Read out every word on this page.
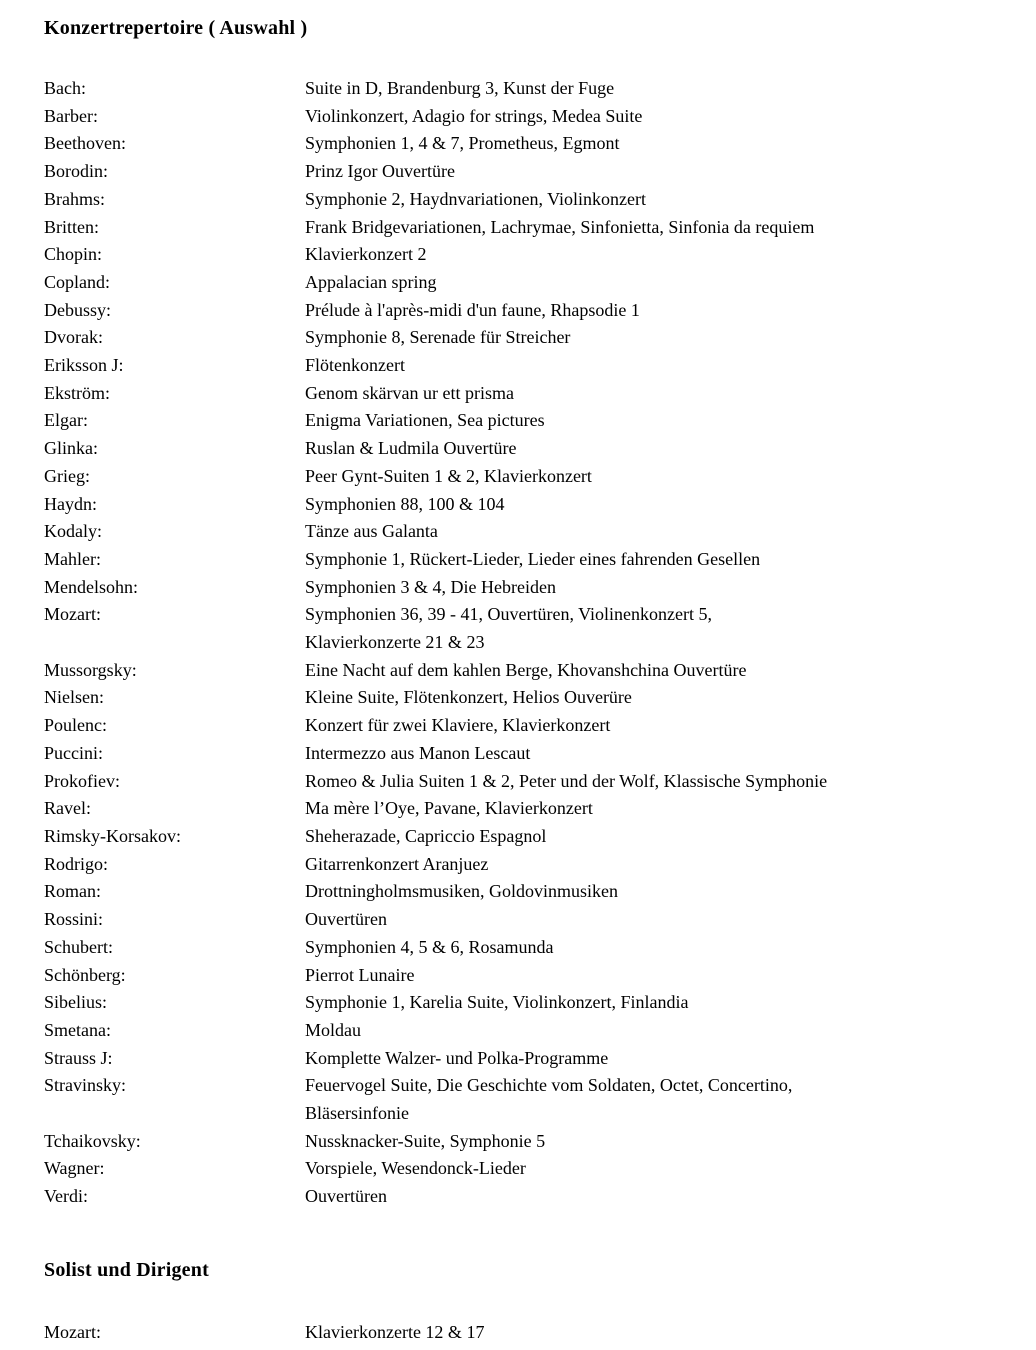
Konzertrepertoire ( Auswahl )
Bach:	Suite in D, Brandenburg 3, Kunst der Fuge
Barber:	Violinkonzert, Adagio for strings, Medea Suite
Beethoven:	Symphonien 1, 4 & 7, Prometheus, Egmont
Borodin:	Prinz Igor Ouvertüre
Brahms:	Symphonie 2, Haydnvariationen, Violinkonzert
Britten:	Frank Bridgevariationen, Lachrymae, Sinfonietta, Sinfonia da requiem
Chopin:	Klavierkonzert 2
Copland:	Appalacian spring
Debussy:	Prélude à l'après-midi d'un faune, Rhapsodie 1
Dvorak:	Symphonie 8, Serenade für Streicher
Eriksson J:	Flötenkonzert
Ekström:	Genom skärvan ur ett prisma
Elgar:	Enigma Variationen, Sea pictures
Glinka:	Ruslan & Ludmila Ouvertüre
Grieg:	Peer Gynt-Suiten 1 & 2, Klavierkonzert
Haydn:	Symphonien 88, 100 & 104
Kodaly:	Tänze aus Galanta
Mahler:	Symphonie 1, Rückert-Lieder, Lieder eines fahrenden Gesellen
Mendelsohn:	Symphonien 3 & 4, Die Hebreiden
Mozart:	Symphonien 36, 39 - 41, Ouvertüren, Violinenkonzert 5,
Klavierkonzerte 21 & 23
Mussorgsky:	Eine Nacht auf dem kahlen Berge, Khovanshchina Ouvertüre
Nielsen:	Kleine Suite, Flötenkonzert, Helios Ouverüre
Poulenc:	Konzert für zwei Klaviere, Klavierkonzert
Puccini:	Intermezzo aus Manon Lescaut
Prokofiev:	Romeo & Julia Suiten 1 & 2, Peter und der Wolf, Klassische Symphonie
Ravel:	Ma mère l’Oye, Pavane, Klavierkonzert
Rimsky-Korsakov:	Sheherazade, Capriccio Espagnol
Rodrigo:	Gitarrenkonzert Aranjuez
Roman:	Drottningholmsmusiken, Goldovinmusiken
Rossini:	Ouvertüren
Schubert:	Symphonien 4, 5 & 6, Rosamunda
Schönberg:	Pierrot Lunaire
Sibelius:	Symphonie 1, Karelia Suite, Violinkonzert, Finlandia
Smetana:	Moldau
Strauss J:	Komplette Walzer- und Polka-Programme
Stravinsky:	Feuervogel Suite, Die Geschichte vom Soldaten, Octet, Concertino,
Bläsersinfonie
Tchaikovsky:	Nussknacker-Suite, Symphonie 5
Wagner:	Vorspiele, Wesendonck-Lieder
Verdi:	Ouvertüren
Solist und Dirigent
Mozart:	Klavierkonzerte 12 & 17
